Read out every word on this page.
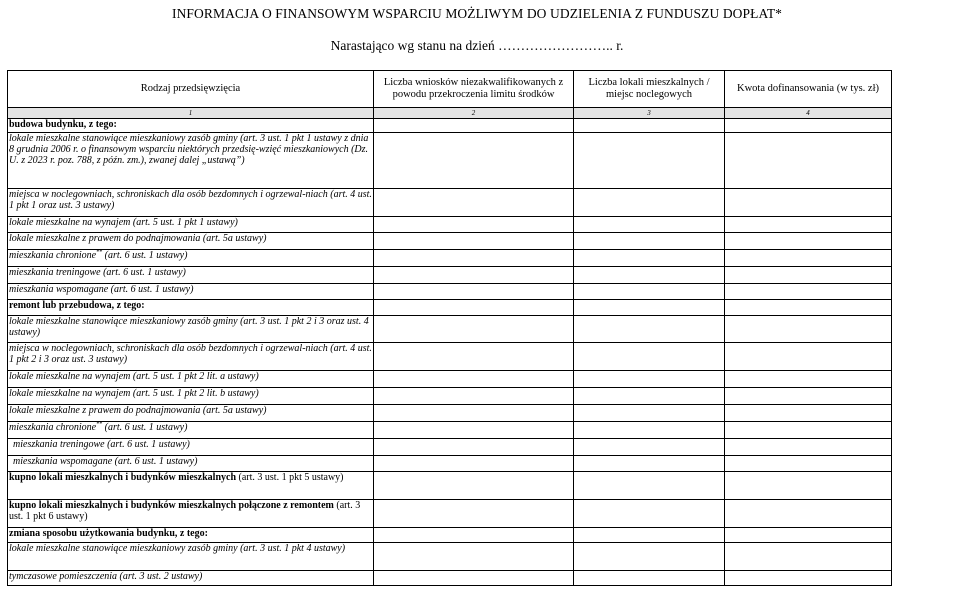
INFORMACJA O FINANSOWYM WSPARCIU MOŻLIWYM DO UDZIELENIA Z FUNDUSZU DOPŁAT*
Narastająco wg stanu na dzień …………………….. r.
Rodzaj przedsięwzięcia	Liczba wniosków niezakwalifikowanych z powodu przekroczenia limitu środków	Liczba lokali mieszkalnych / miejsc noclegowych	Kwota dofinansowania (w tys. zł)
1	2	3	4
budowa budynku, z tego:			
lokale mieszkalne stanowiące mieszkaniowy zasób gminy (art. 3 ust. 1 pkt 1 ustawy z dnia 8 grudnia 2006 r. o finansowym wsparciu niektórych przedsię-wzięć mieszkaniowych (Dz. U. z 2023 r. poz. 788, z późn. zm.), zwanej dalej „ustawą”)			
miejsca w noclegowniach, schroniskach dla osób bezdomnych i ogrzewal-niach (art. 4 ust. 1 pkt 1 oraz ust. 3 ustawy)			
lokale mieszkalne na wynajem (art. 5 ust. 1 pkt 1 ustawy)			
lokale mieszkalne z prawem do podnajmowania (art. 5a ustawy)			
mieszkania chronione** (art. 6 ust. 1 ustawy)			
mieszkania treningowe (art. 6 ust. 1 ustawy)			
mieszkania wspomagane (art. 6 ust. 1 ustawy)			
remont lub przebudowa, z tego:			
lokale mieszkalne stanowiące mieszkaniowy zasób gminy (art. 3 ust. 1 pkt 2 i 3 oraz ust. 4 ustawy)			
miejsca w noclegowniach, schroniskach dla osób bezdomnych i ogrzewal-niach (art. 4 ust. 1 pkt 2 i 3 oraz ust. 3 ustawy)			
lokale mieszkalne na wynajem (art. 5 ust. 1 pkt 2 lit. a ustawy)			
lokale mieszkalne na wynajem (art. 5 ust. 1 pkt 2 lit. b ustawy)			
lokale mieszkalne z prawem do podnajmowania (art. 5a ustawy)			
mieszkania chronione** (art. 6 ust. 1 ustawy)			
mieszkania treningowe (art. 6 ust. 1 ustawy)			
mieszkania wspomagane (art. 6 ust. 1 ustawy)			
kupno lokali mieszkalnych i budynków mieszkalnych (art. 3 ust. 1 pkt 5 ustawy)			
kupno lokali mieszkalnych i budynków mieszkalnych połączone z remontem (art. 3 ust. 1 pkt 6 ustawy)			
zmiana sposobu użytkowania budynku, z tego:			
lokale mieszkalne stanowiące mieszkaniowy zasób gminy (art. 3 ust. 1 pkt 4 ustawy)			
tymczasowe pomieszczenia (art. 3 ust. 2 ustawy)			
